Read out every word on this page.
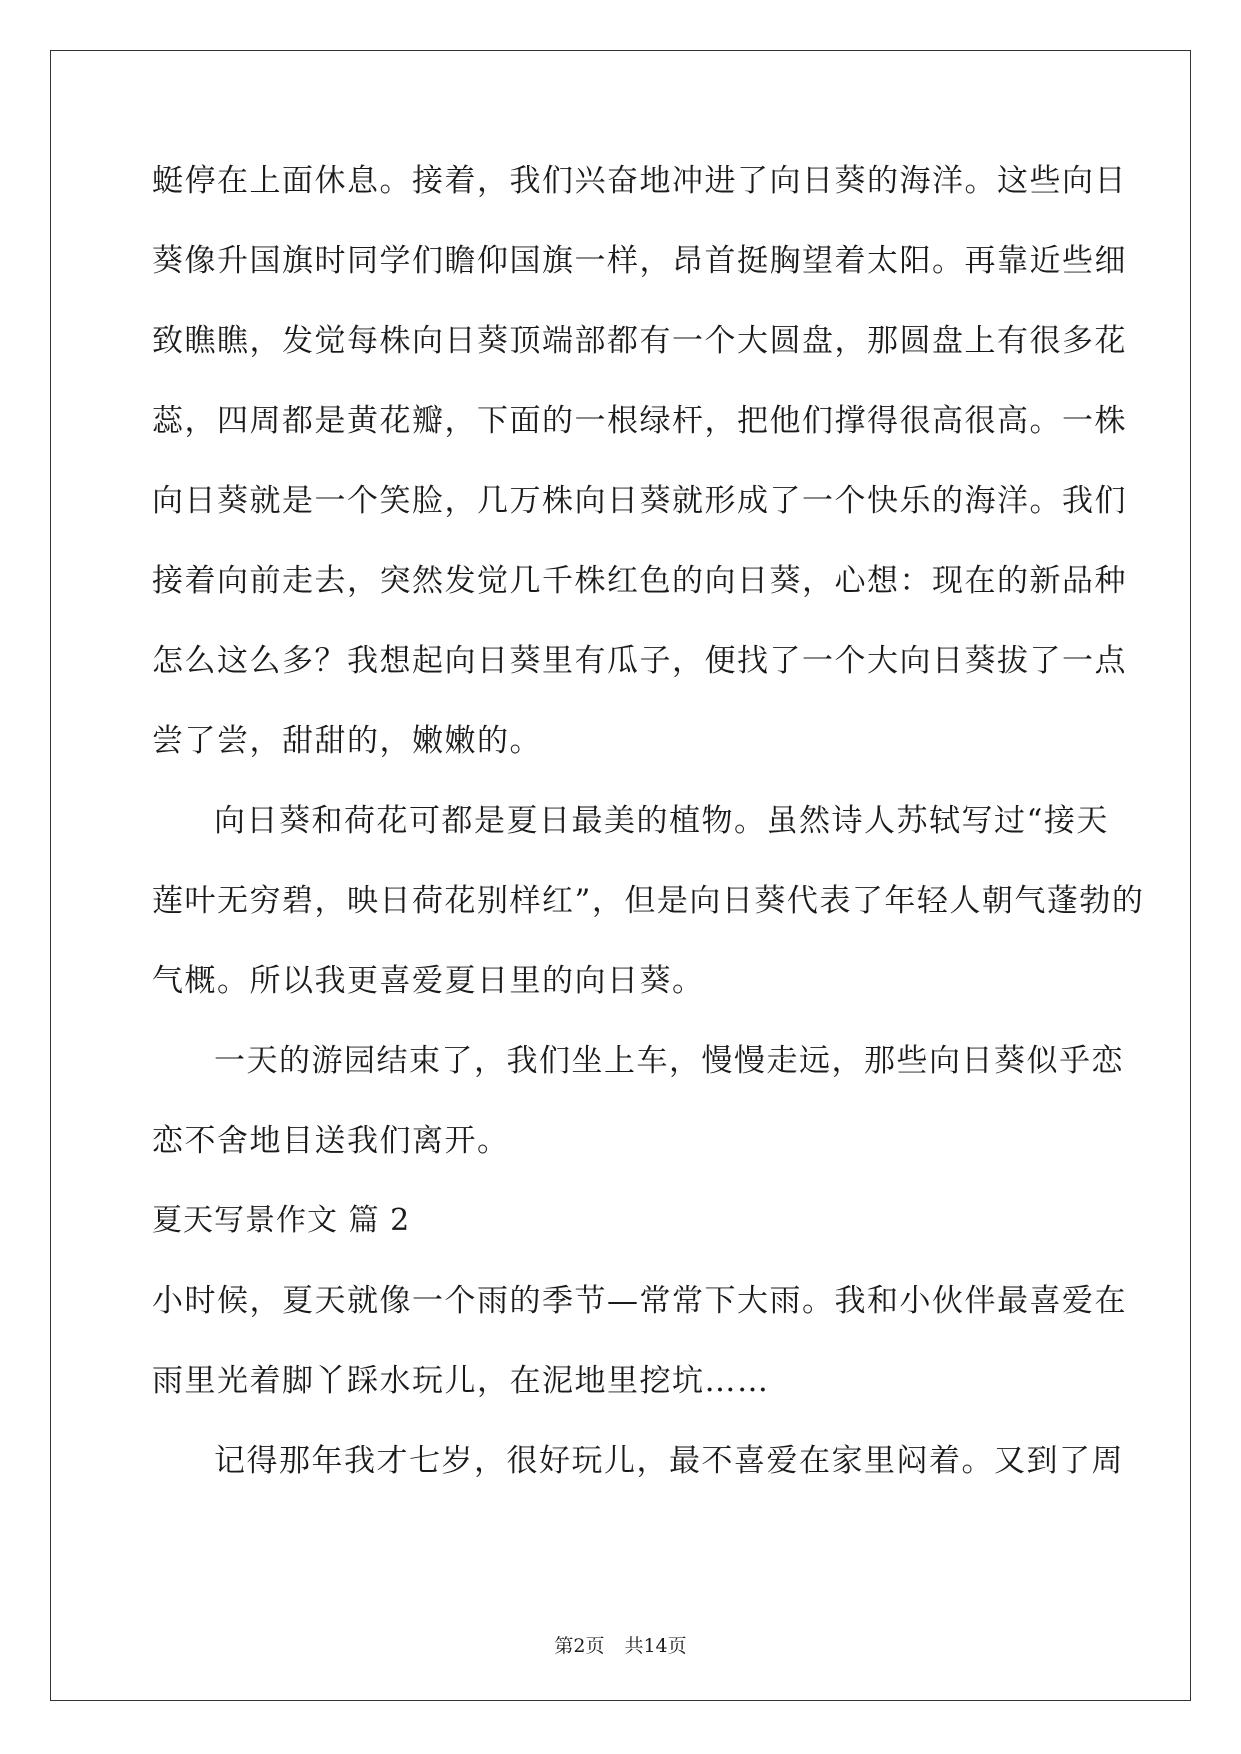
蜓停在上面休息。接着，我们兴奋地冲进了向日葵的海洋。这些向日
葵像升国旗时同学们瞻仰国旗一样，昂首挺胸望着太阳。再靠近些细
致瞧瞧，发觉每株向日葵顶端部都有一个大圆盘，那圆盘上有很多花
蕊，四周都是黄花瓣，下面的一根绿杆，把他们撑得很高很高。一株
向日葵就是一个笑脸，几万株向日葵就形成了一个快乐的海洋。我们
接着向前走去，突然发觉几千株红色的向日葵，心想：现在的新品种
怎么这么多？我想起向日葵里有瓜子，便找了一个大向日葵拔了一点
尝了尝，甜甜的，嫩嫩的。
向日葵和荷花可都是夏日最美的植物。虽然诗人苏轼写过“接天
莲叶无穷碧，映日荷花别样红”，但是向日葵代表了年轻人朝气蓬勃的
气概。所以我更喜爱夏日里的向日葵。
一天的游园结束了，我们坐上车，慢慢走远，那些向日葵似乎恋
恋不舍地目送我们离开。
夏天写景作文 篇 2
小时候，夏天就像一个雨的季节—常常下大雨。我和小伙伴最喜爱在
雨里光着脚丫踩水玩儿，在泥地里挖坑……
记得那年我才七岁，很好玩儿，最不喜爱在家里闷着。又到了周
第2页 共14页
